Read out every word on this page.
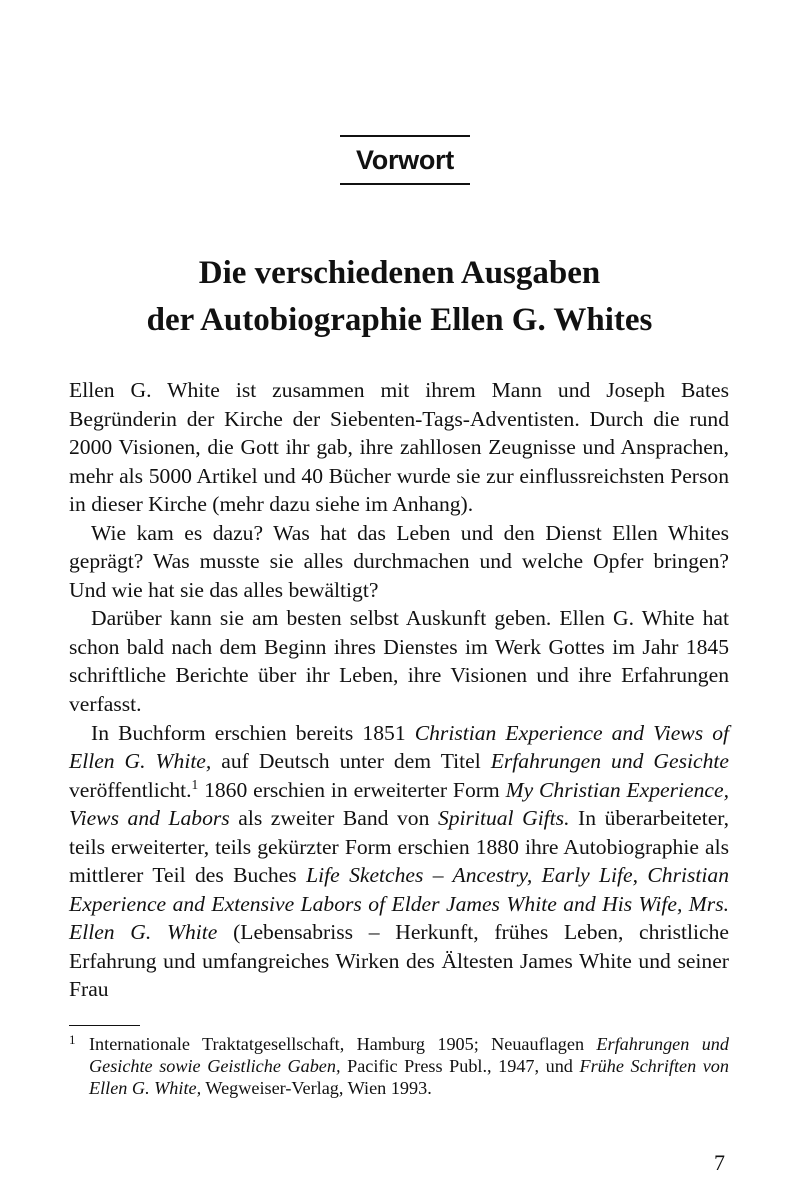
Vorwort
Die verschiedenen Ausgaben
der Autobiographie Ellen G. Whites

Ellen G. White ist zusammen mit ihrem Mann und Joseph Bates Begründerin der Kirche der Siebenten-Tags-Adventisten. Durch die rund 2000 Visionen, die Gott ihr gab, ihre zahllosen Zeugnisse und Ansprachen, mehr als 5000 Artikel und 40 Bücher wurde sie zur einflussreichsten Person in dieser Kirche (mehr dazu siehe im Anhang).

Wie kam es dazu? Was hat das Leben und den Dienst Ellen Whites geprägt? Was musste sie alles durchmachen und welche Opfer bringen? Und wie hat sie das alles bewältigt?

Darüber kann sie am besten selbst Auskunft geben. Ellen G. White hat schon bald nach dem Beginn ihres Dienstes im Werk Gottes im Jahr 1845 schriftliche Berichte über ihr Leben, ihre Visionen und ihre Erfahrungen verfasst.

In Buchform erschien bereits 1851 Christian Experience and Views of Ellen G. White, auf Deutsch unter dem Titel Erfahrungen und Gesichte veröffentlicht.$^1$ 1860 erschien in erweiterter Form My Christian Experience, Views and Labors als zweiter Band von Spiritual Gifts. In überarbeiteter, teils erweiterter, teils gekürzter Form erschien 1880 ihre Autobiographie als mittlerer Teil des Buches Life Sketches – Ancestry, Early Life, Christian Experience and Extensive Labors of Elder James White and His Wife, Mrs. Ellen G. White (Lebensabriss – Herkunft, frühes Leben, christliche Erfahrung und umfangreiches Wirken des Ältesten James White und seiner Frau

1 Internationale Traktatgesellschaft, Hamburg 1905; Neuauflagen Erfahrungen und Gesichte sowie Geistliche Gaben, Pacific Press Publ., 1947, und Frühe Schriften von Ellen G. White, Wegweiser-Verlag, Wien 1993.
7
